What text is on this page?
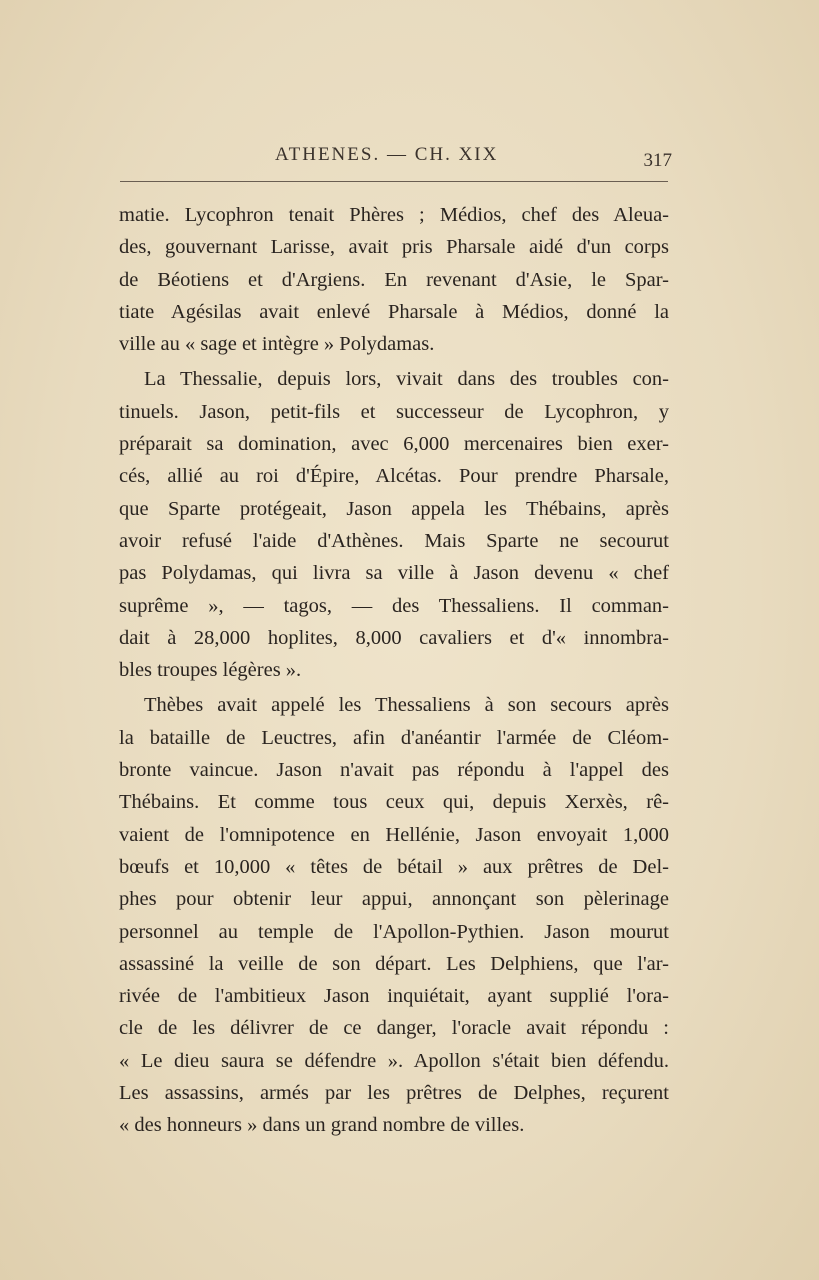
ATHENES. — CH. XIX	317
matie. Lycophron tenait Phères ; Médios, chef des Aleua-
des, gouvernant Larisse, avait pris Pharsale aidé d'un corps
de Béotiens et d'Argiens. En revenant d'Asie, le Spar-
tiate Agésilas avait enlevé Pharsale à Médios, donné la
ville au « sage et intègre » Polydamas.
La Thessalie, depuis lors, vivait dans des troubles con-
tinuels. Jason, petit-fils et successeur de Lycophron, y
préparait sa domination, avec 6,000 mercenaires bien exer-
cés, allié au roi d'Épire, Alcétas. Pour prendre Pharsale,
que Sparte protégeait, Jason appela les Thébains, après
avoir refusé l'aide d'Athènes. Mais Sparte ne secourut
pas Polydamas, qui livra sa ville à Jason devenu « chef
suprême », — tagos, — des Thessaliens. Il comman-
dait à 28,000 hoplites, 8,000 cavaliers et d'« innombra-
bles troupes légères ».
Thèbes avait appelé les Thessaliens à son secours après
la bataille de Leuctres, afin d'anéantir l'armée de Cléom-
bronte vaincue. Jason n'avait pas répondu à l'appel des
Thébains. Et comme tous ceux qui, depuis Xerxès, rê-
vaient de l'omnipotence en Hellénie, Jason envoyait 1,000
bœufs et 10,000 « têtes de bétail » aux prêtres de Del-
phes pour obtenir leur appui, annonçant son pèlerinage
personnel au temple de l'Apollon-Pythien. Jason mourut
assassiné la veille de son départ. Les Delphiens, que l'ar-
rivée de l'ambitieux Jason inquiétait, ayant supplié l'ora-
cle de les délivrer de ce danger, l'oracle avait répondu :
« Le dieu saura se défendre ». Apollon s'était bien défendu.
Les assassins, armés par les prêtres de Delphes, reçurent
« des honneurs » dans un grand nombre de villes.
